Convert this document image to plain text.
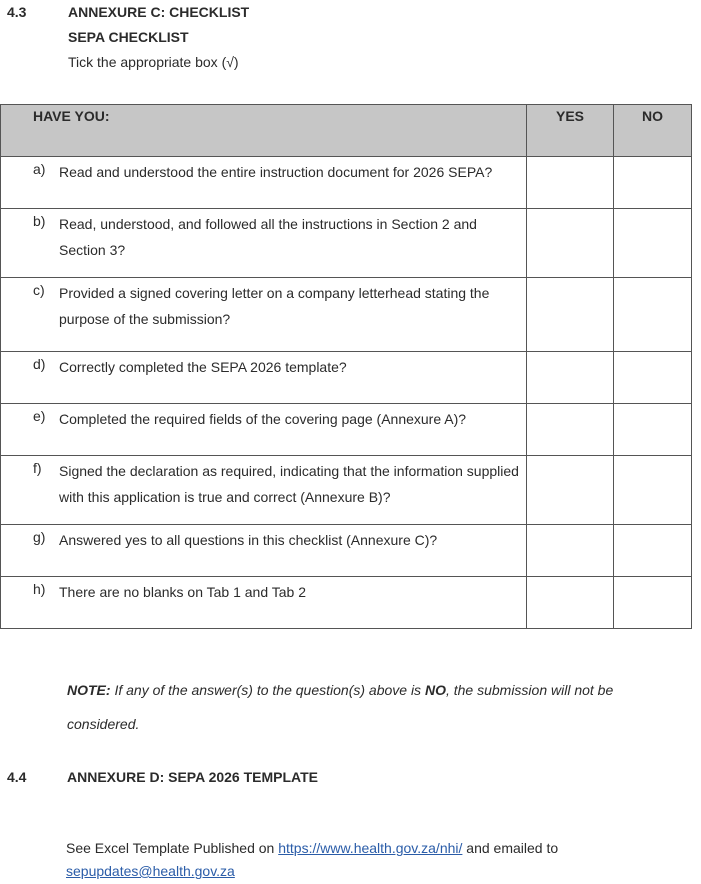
4.3	ANNEXURE C: CHECKLIST
SEPA CHECKLIST
Tick the appropriate box (√)
HAVE YOU:	YES	NO

a) Read and understood the entire instruction document for 2026 SEPA?		

b) Read, understood, and followed all the instructions in Section 2 and Section 3?		

c) Provided a signed covering letter on a company letterhead stating the purpose of the submission?		

d) Correctly completed the SEPA 2026 template?		

e) Completed the required fields of the covering page (Annexure A)?		

f) Signed the declaration as required, indicating that the information supplied with this application is true and correct (Annexure B)?		

g) Answered yes to all questions in this checklist (Annexure C)?		

h) There are no blanks on Tab 1 and Tab 2		

NOTE: If any of the answer(s) to the question(s) above is NO, the submission will not be considered.
4.4	ANNEXURE D: SEPA 2026 TEMPLATE
See Excel Template Published on https://www.health.gov.za/nhi/ and emailed to
sepupdates@health.gov.za
